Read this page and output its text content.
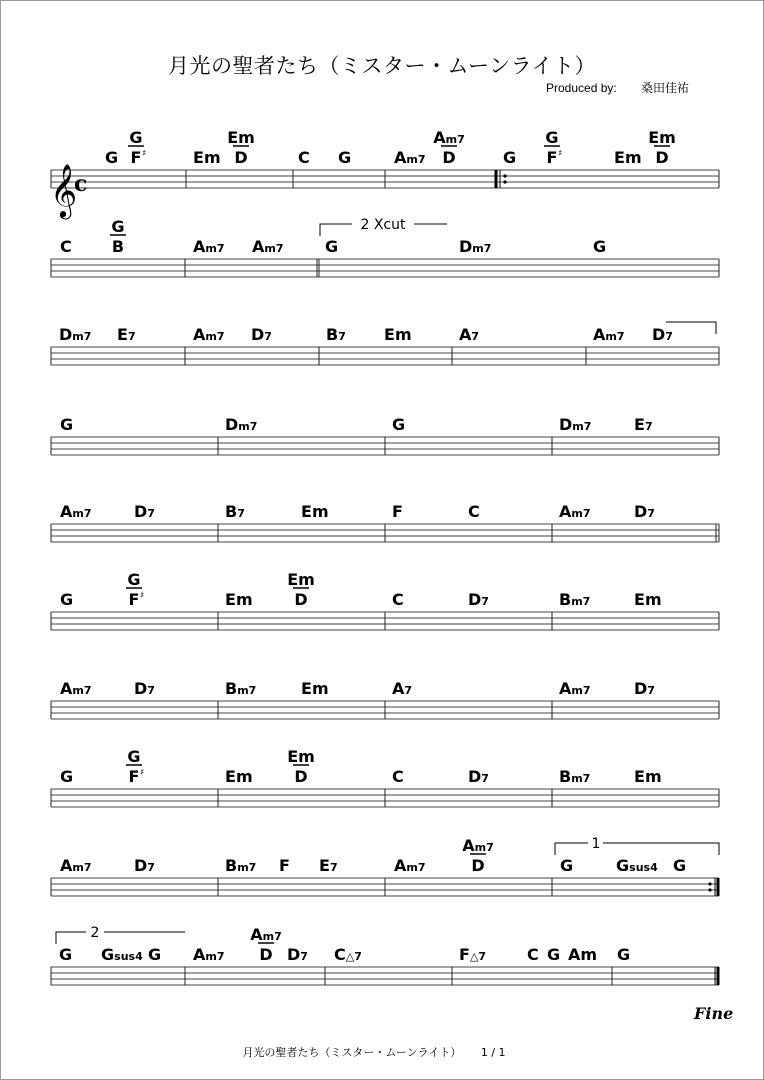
月光の聖者たち（ミスター・ムーンライト）
Produced by: 桑田佳祐
𝄞
c
G
G
F ♯	E m
E m
D	C G	A m7
A m7
D	G
G
F ♯	E m
E m
D
C
G
B	A m7 A m7	G	D m7	G
D m7 E 7	A m7 D 7	B 7 E m	A 7	A m7 D 7
G	D m7	G	D m7	E 7
A m7	D 7	B 7	E m	F	C	A m7	D 7
G
G
F ♯	E m
E m
D	C	D 7	B m7	E m
A m7	D 7	B m7	E m	A 7	A m7	D 7
G
G
F ♯	E m
E m
D	C	D 7	B m7	E m
A m7	D 7	B m7 F E 7	A m7
A m7
D	G	G sus4 G
G G sus4 G A m7
A m7
D D 7 C △7	F △7	C G A m G
2 Xcut
1
2
Fine
月光の聖者たち（ミスター・ムーンライト） 1 / 1
